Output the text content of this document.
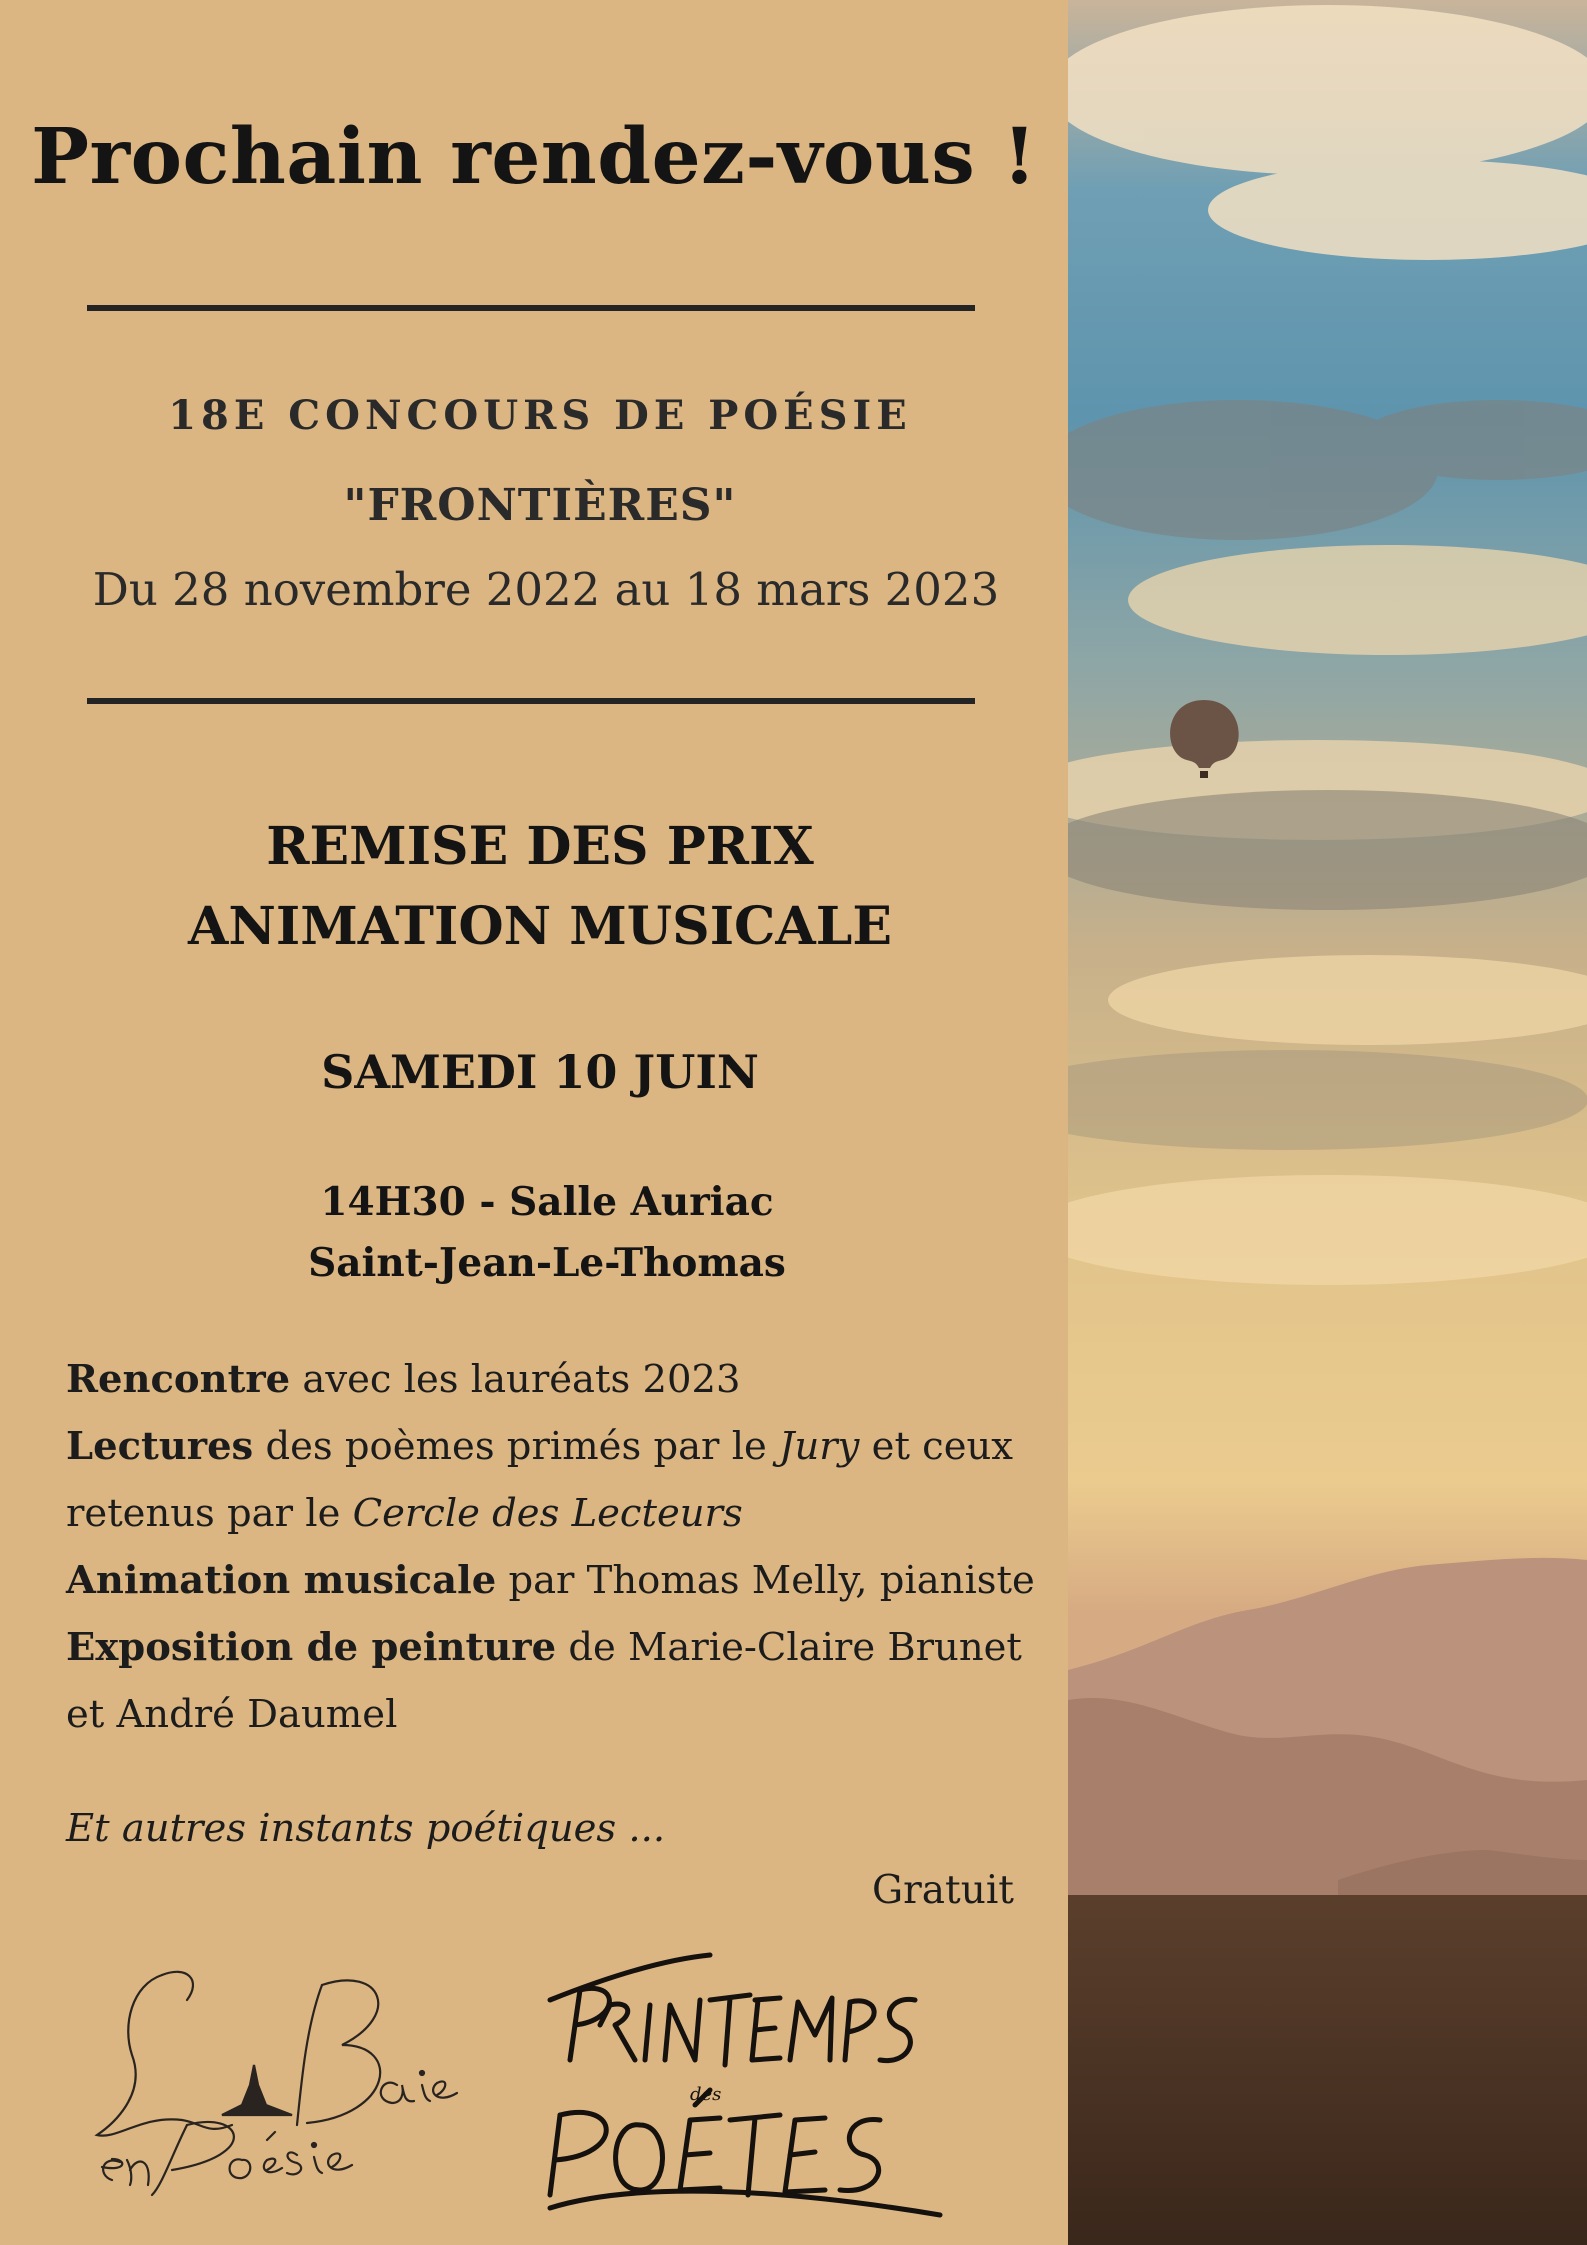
Prochain rendez-vous !
18E CONCOURS DE POÉSIE
"FRONTIÈRES"
Du 28 novembre 2022 au 18 mars 2023
REMISE DES PRIX
ANIMATION MUSICALE
SAMEDI 10 JUIN
14H30 - Salle Auriac
Saint-Jean-Le-Thomas
Rencontre avec les lauréats 2023
Lectures des poèmes primés par le Jury et ceux retenus par le Cercle des Lecteurs
Animation musicale par Thomas Melly, pianiste
Exposition de peinture de Marie-Claire Brunet et André Daumel
Et autres instants poétiques ...
Gratuit
des
